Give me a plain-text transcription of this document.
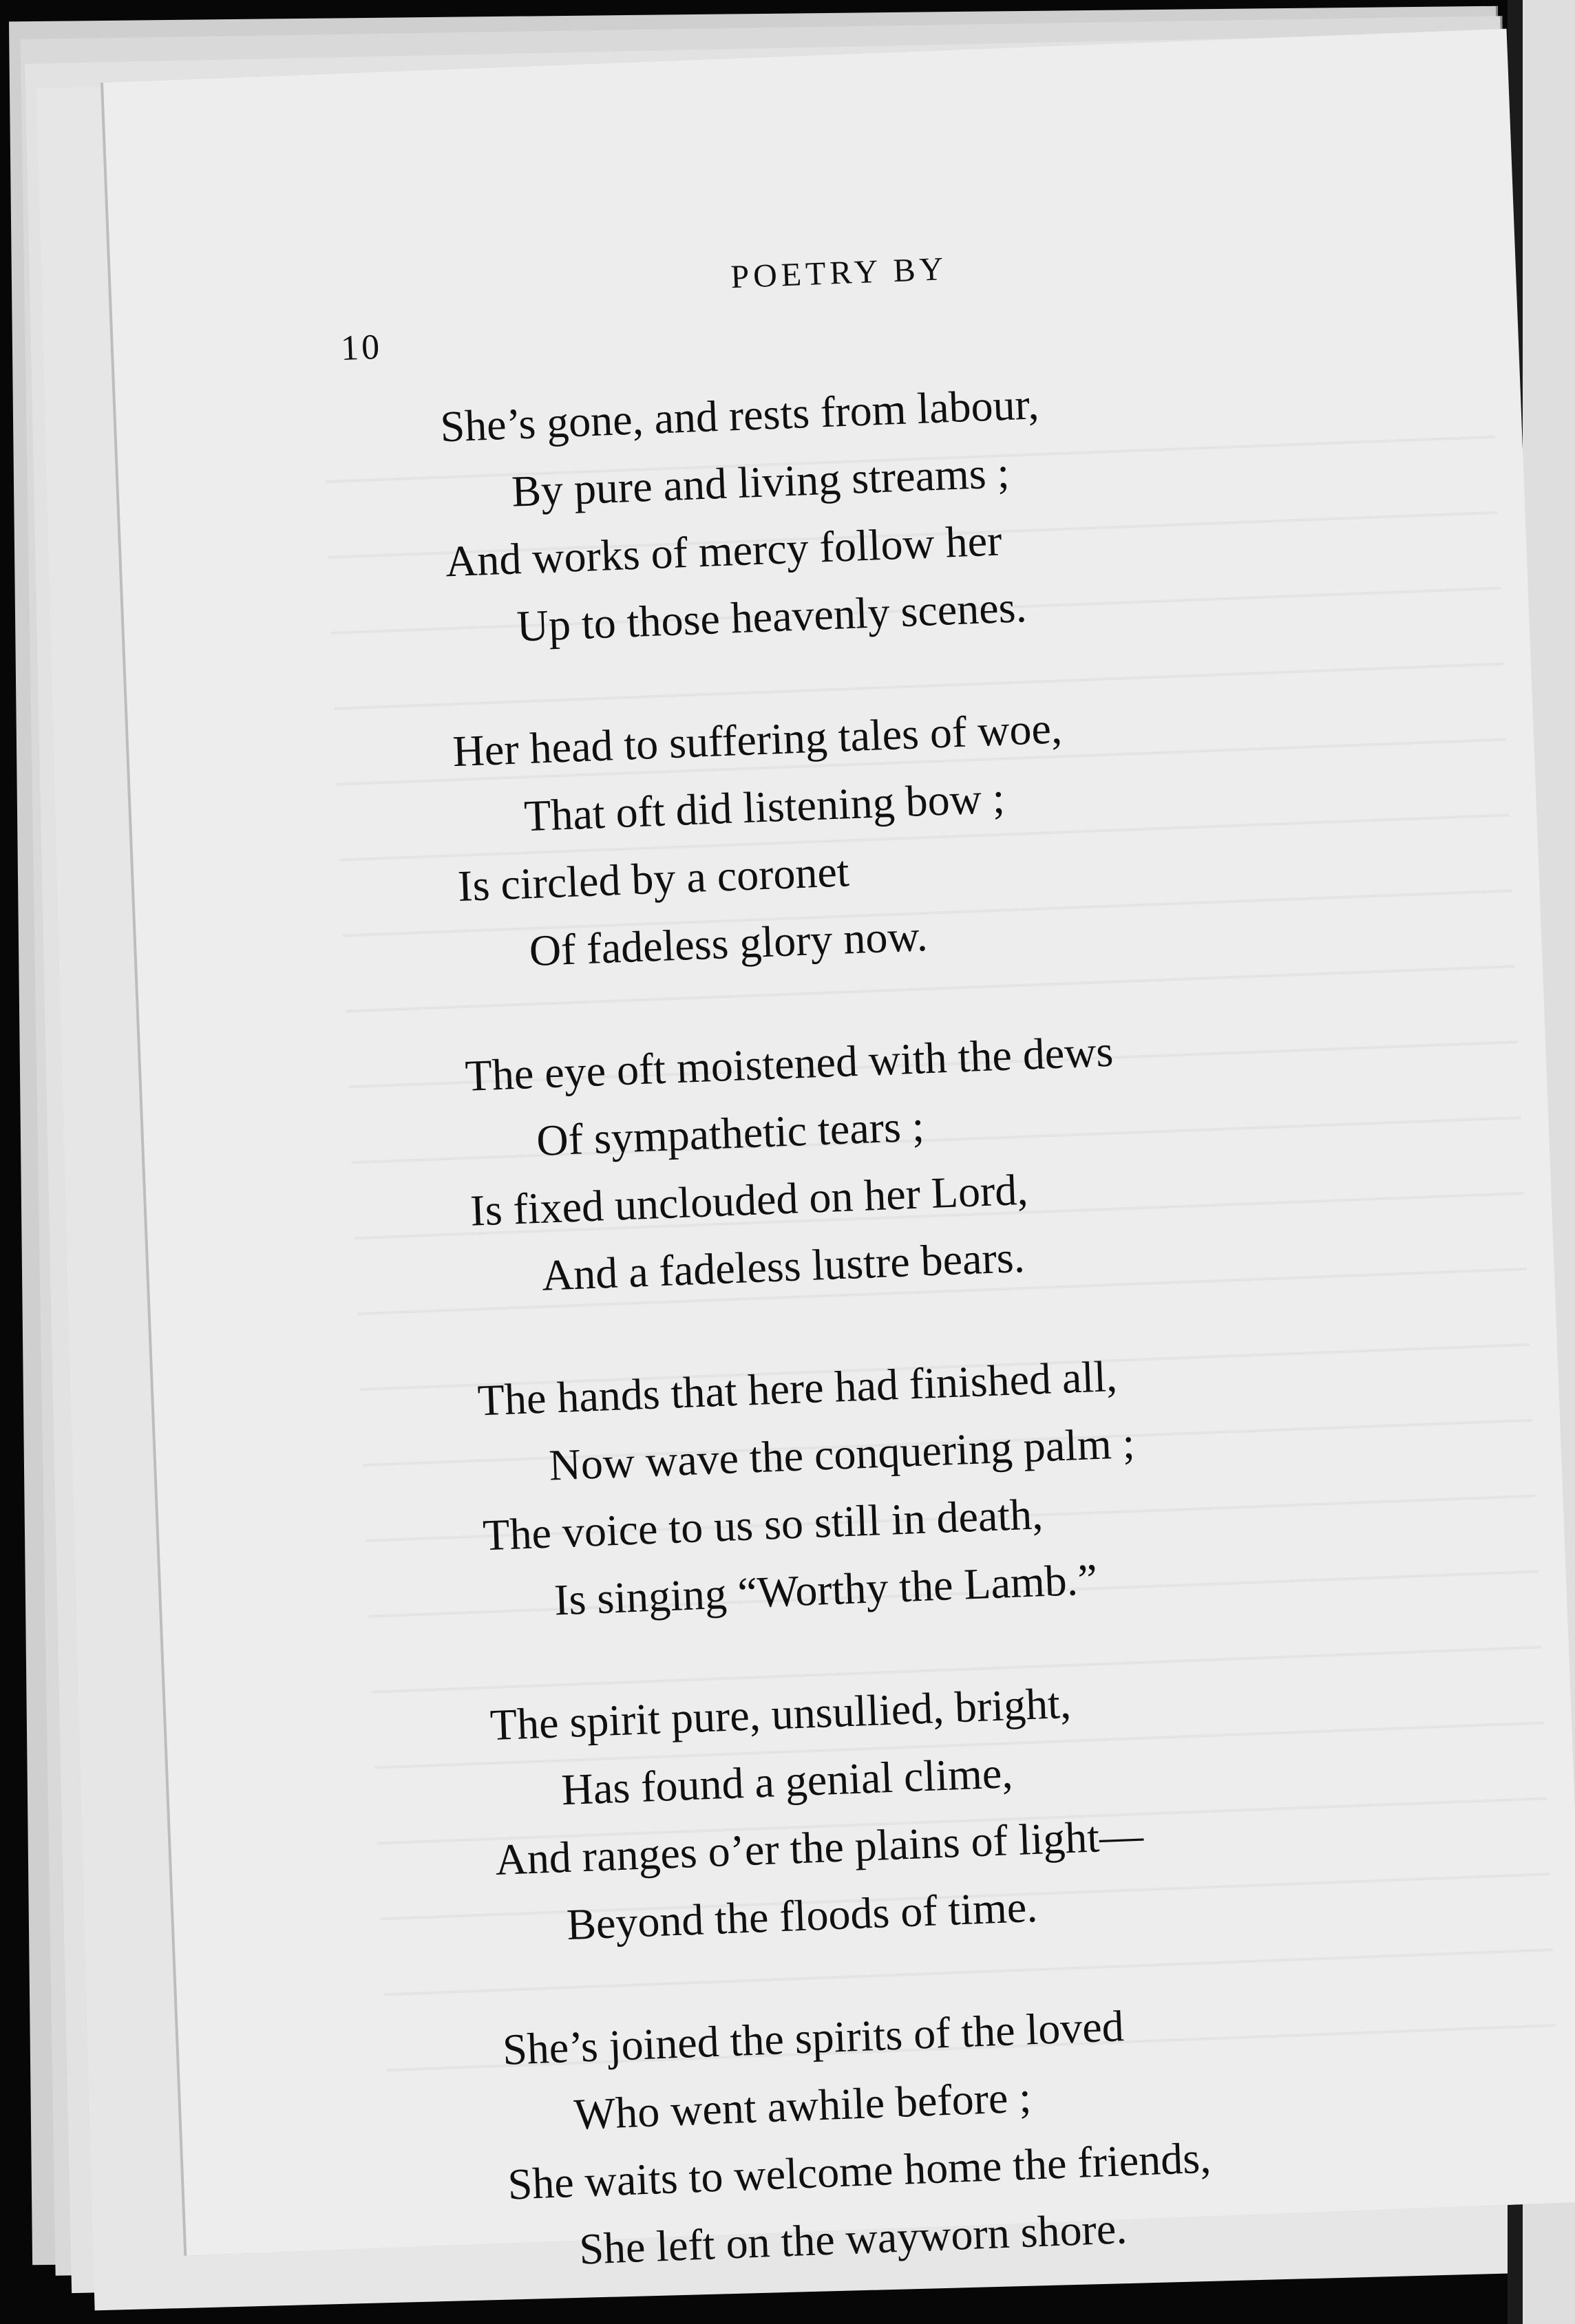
POETRY BY
10
She’s gone, and rests from labour,
By pure and living streams ;
And works of mercy follow her
Up to those heavenly scenes.
Her head to suffering tales of woe,
That oft did listening bow ;
Is circled by a coronet
Of fadeless glory now.
The eye oft moistened with the dews
Of sympathetic tears ;
Is fixed unclouded on her Lord,
And a fadeless lustre bears.
The hands that here had finished all,
Now wave the conquering palm ;
The voice to us so still in death,
Is singing “Worthy the Lamb.”
The spirit pure, unsullied, bright,
Has found a genial clime,
And ranges o’er the plains of light—
Beyond the floods of time.
She’s joined the spirits of the loved
Who went awhile before ;
She waits to welcome home the friends,
She left on the wayworn shore.
